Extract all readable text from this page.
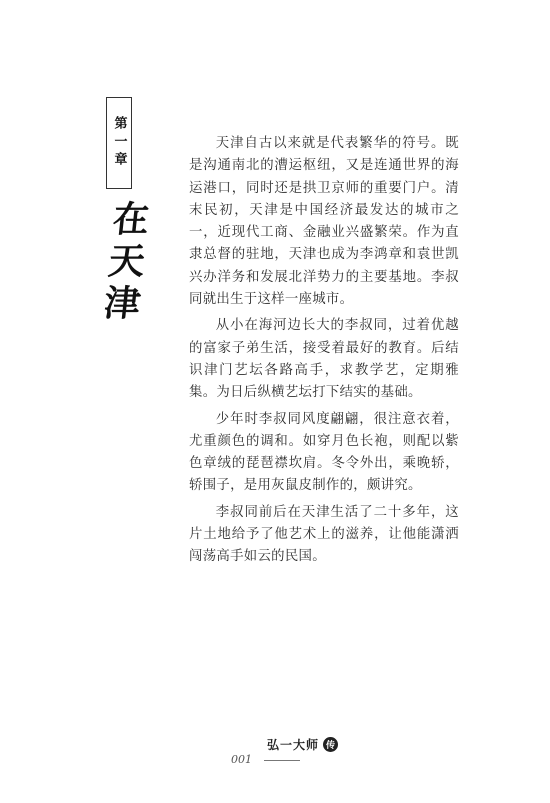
第一章
在天津

天津自古以来就是代表繁华的符号。既是沟通南北的漕运枢纽，又是连通世界的海运港口，同时还是拱卫京师的重要门户。清末民初，天津是中国经济最发达的城市之一，近现代工商、金融业兴盛繁荣。作为直隶总督的驻地，天津也成为李鸿章和袁世凯兴办洋务和发展北洋势力的主要基地。李叔同就出生于这样一座城市。

从小在海河边长大的李叔同，过着优越的富家子弟生活，接受着最好的教育。后结识津门艺坛各路高手，求教学艺，定期雅集。为日后纵横艺坛打下结实的基础。

少年时李叔同风度翩翩，很注意衣着，尤重颜色的调和。如穿月色长袍，则配以紫色章绒的琵琶襟坎肩。冬令外出，乘晚轿，轿围子，是用灰鼠皮制作的，颇讲究。

李叔同前后在天津生活了二十多年，这片土地给予了他艺术上的滋养，让他能潇洒闯荡高手如云的民国。

弘一大师 传
001
